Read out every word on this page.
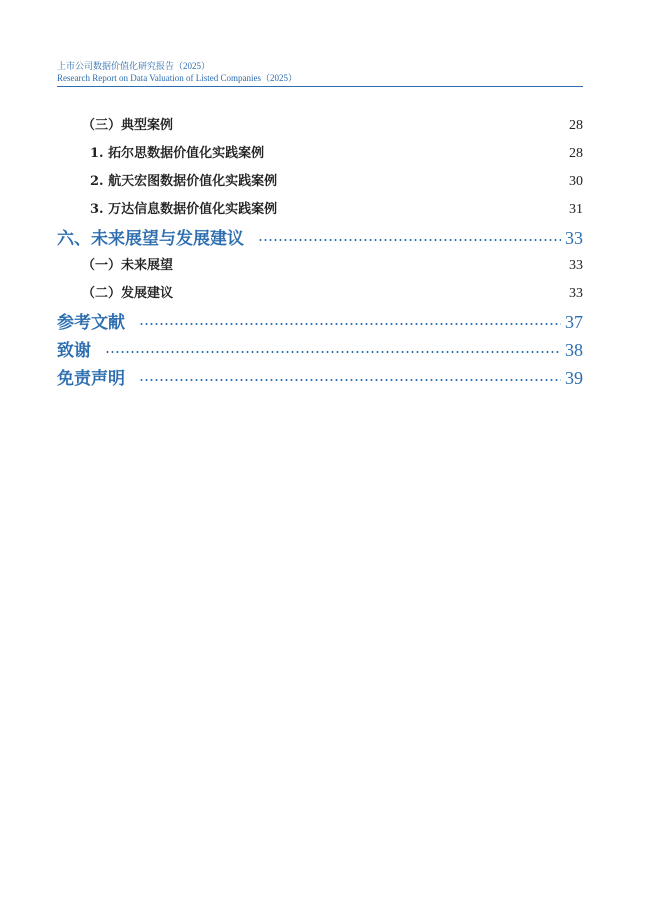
上市公司数据价值化研究报告（2025）
Research Report on Data Valuation of Listed Companies（2025）
（三）典型案例	28
1. 拓尔思数据价值化实践案例	28
2. 航天宏图数据价值化实践案例	30
3. 万达信息数据价值化实践案例	31
六、未来展望与发展建议	33
（一）未来展望	33
（二）发展建议	33
参考文献	37
致谢	38
免责声明	39
